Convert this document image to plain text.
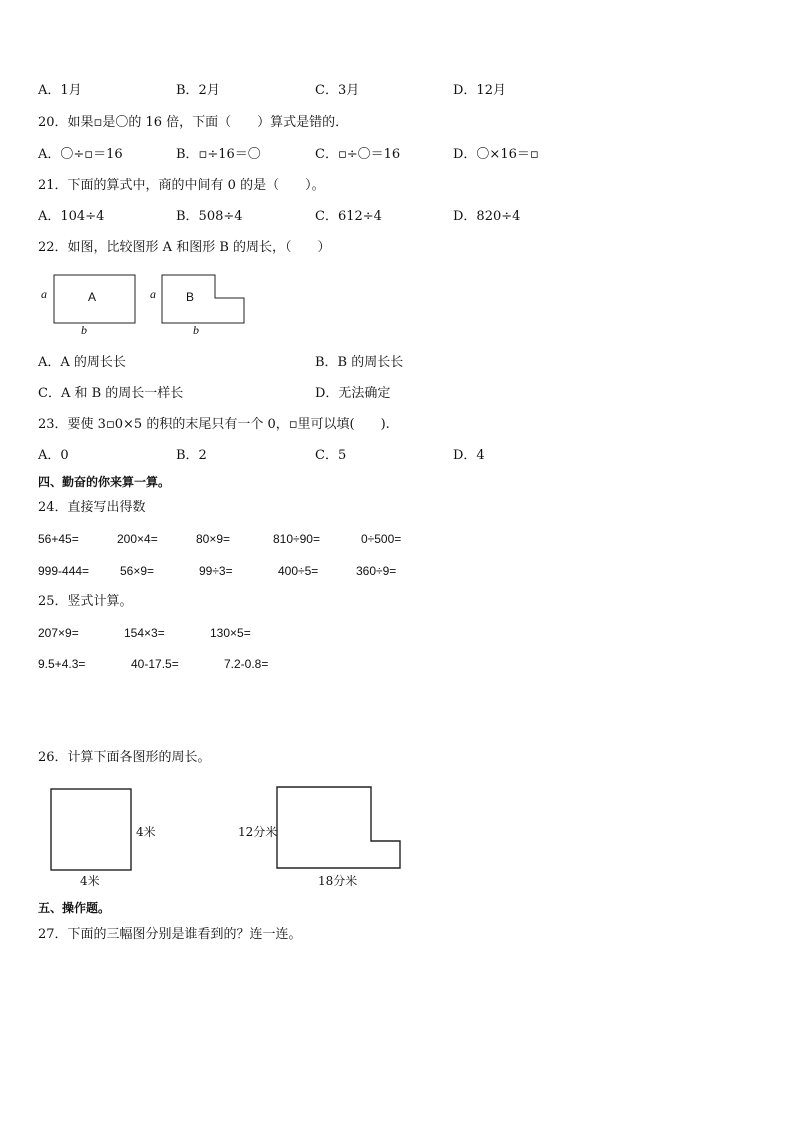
A．1月	B．2月	C．3月	D．12月
20．如果▫是〇的 16 倍，下面（　　）算式是错的．
A．〇÷▫＝16	B．▫÷16＝〇	C．▫÷〇＝16	D．〇×16＝▫
21．下面的算式中，商的中间有 0 的是（　　）。
A．104÷4	B．508÷4	C．612÷4	D．820÷4
22．如图，比较图形 A 和图形 B 的周长，（　　）
a	A
b
a	B
b
A．A 的周长长	B．B 的周长长
C．A 和 B 的周长一样长	D．无法确定
23．要使 3▫0×5 的积的末尾只有一个 0，▫里可以填(　　).
A．0	B．2	C．5	D．4
四、勤奋的你来算一算。
24．直接写出得数
56+45=	200×4=	80×9=	810÷90=	0÷500=
999-444=	56×9=	99÷3=	400÷5=	360÷9=
25．竖式计算。
207×9=	154×3=	130×5=
9.5+4.3=	40-17.5=	7.2-0.8=
26．计算下面各图形的周长。
4米
4米
12分米
18分米
五、操作题。
27．下面的三幅图分别是谁看到的？连一连。
